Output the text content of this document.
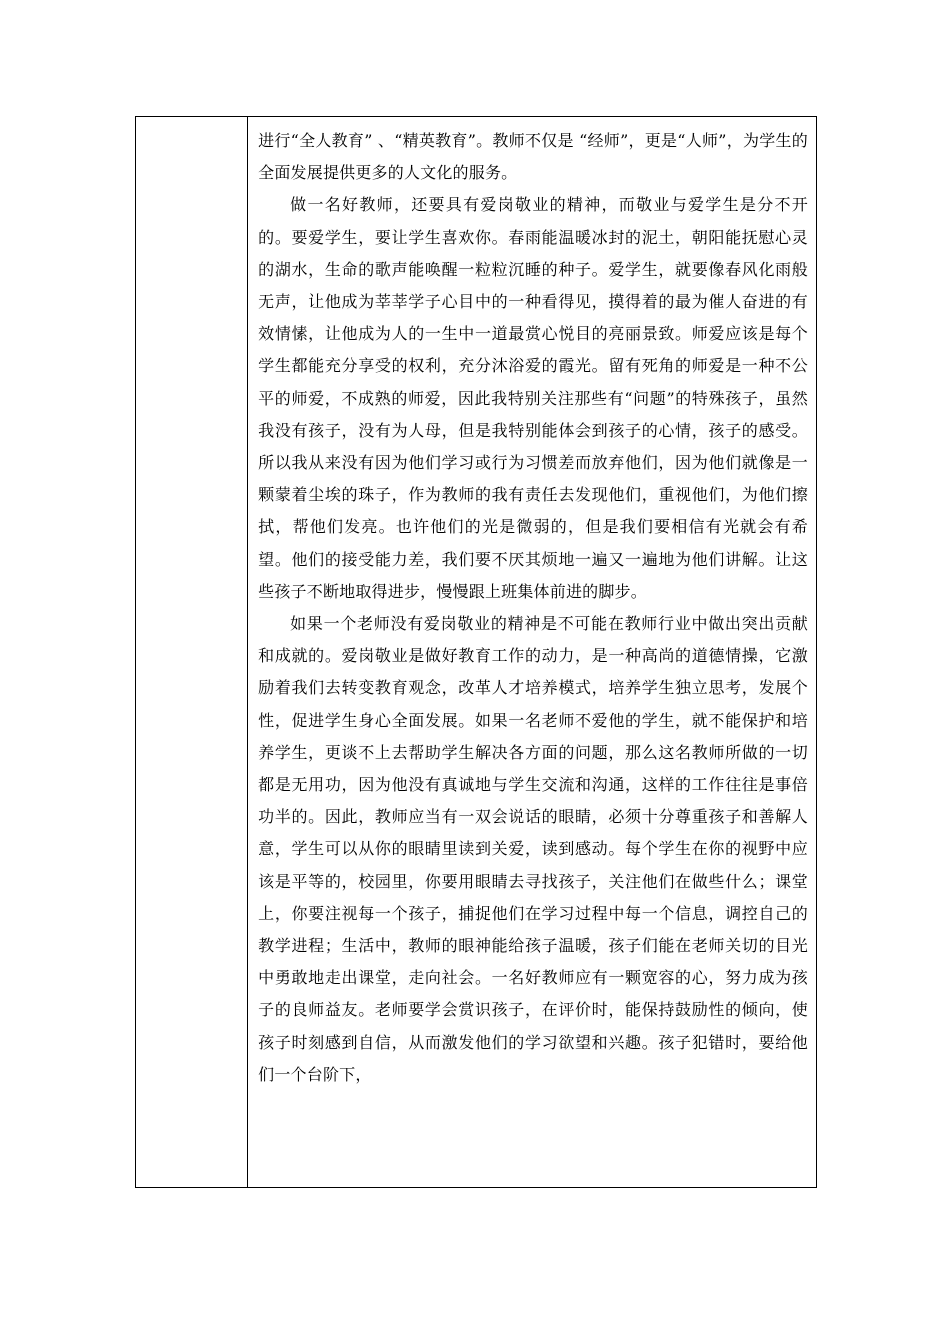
进行“全人教育” 、“精英教育”。教师不仅是 “经师”，更是“人师”，为学生的全面发展提供更多的人文化的服务。

做一名好教师，还要具有爱岗敬业的精神，而敬业与爱学生是分不开的。要爱学生，要让学生喜欢你。春雨能温暖冰封的泥土，朝阳能抚慰心灵的湖水，生命的歌声能唤醒一粒粒沉睡的种子。爱学生，就要像春风化雨般无声，让他成为莘莘学子心目中的一种看得见，摸得着的最为催人奋进的有效情愫，让他成为人的一生中一道最赏心悦目的亮丽景致。师爱应该是每个学生都能充分享受的权利，充分沐浴爱的霞光。留有死角的师爱是一种不公平的师爱，不成熟的师爱，因此我特别关注那些有“问题”的特殊孩子，虽然我没有孩子，没有为人母，但是我特别能体会到孩子的心情，孩子的感受。所以我从来没有因为他们学习或行为习惯差而放弃他们，因为他们就像是一颗蒙着尘埃的珠子，作为教师的我有责任去发现他们，重视他们，为他们擦拭，帮他们发亮。也许他们的光是微弱的，但是我们要相信有光就会有希望。他们的接受能力差，我们要不厌其烦地一遍又一遍地为他们讲解。让这些孩子不断地取得进步，慢慢跟上班集体前进的脚步。

如果一个老师没有爱岗敬业的精神是不可能在教师行业中做出突出贡献和成就的。爱岗敬业是做好教育工作的动力，是一种高尚的道德情操，它激励着我们去转变教育观念，改革人才培养模式，培养学生独立思考，发展个性，促进学生身心全面发展。如果一名老师不爱他的学生，就不能保护和培养学生，更谈不上去帮助学生解决各方面的问题，那么这名教师所做的一切都是无用功，因为他没有真诚地与学生交流和沟通，这样的工作往往是事倍功半的。因此，教师应当有一双会说话的眼睛，必须十分尊重孩子和善解人意，学生可以从你的眼睛里读到关爱，读到感动。每个学生在你的视野中应该是平等的，校园里，你要用眼睛去寻找孩子，关注他们在做些什么；课堂上，你要注视每一个孩子，捕捉他们在学习过程中每一个信息，调控自己的教学进程；生活中，教师的眼神能给孩子温暖，孩子们能在老师关切的目光中勇敢地走出课堂，走向社会。一名好教师应有一颗宽容的心，努力成为孩子的良师益友。老师要学会赏识孩子，在评价时，能保持鼓励性的倾向，使孩子时刻感到自信，从而激发他们的学习欲望和兴趣。孩子犯错时，要给他们一个台阶下，
